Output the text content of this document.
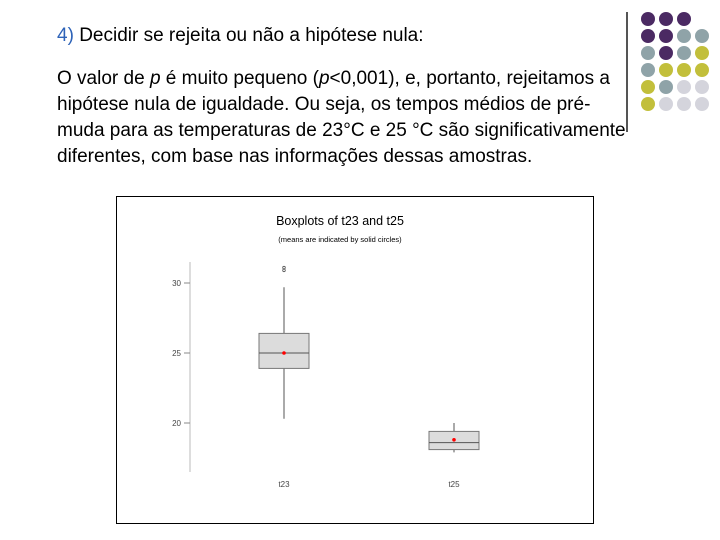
4) Decidir se rejeita ou não a hipótese nula:
O valor de p é muito pequeno (p<0,001), e, portanto, rejeitamos a hipótese nula de igualdade. Ou seja, os tempos médios de pré-muda para as temperaturas de 23°C e 25 °C são significativamente diferentes, com base nas informações dessas amostras.
Boxplots of t23 and t25
(means are indicated by solid circles)
20
25
30
t23	t25
